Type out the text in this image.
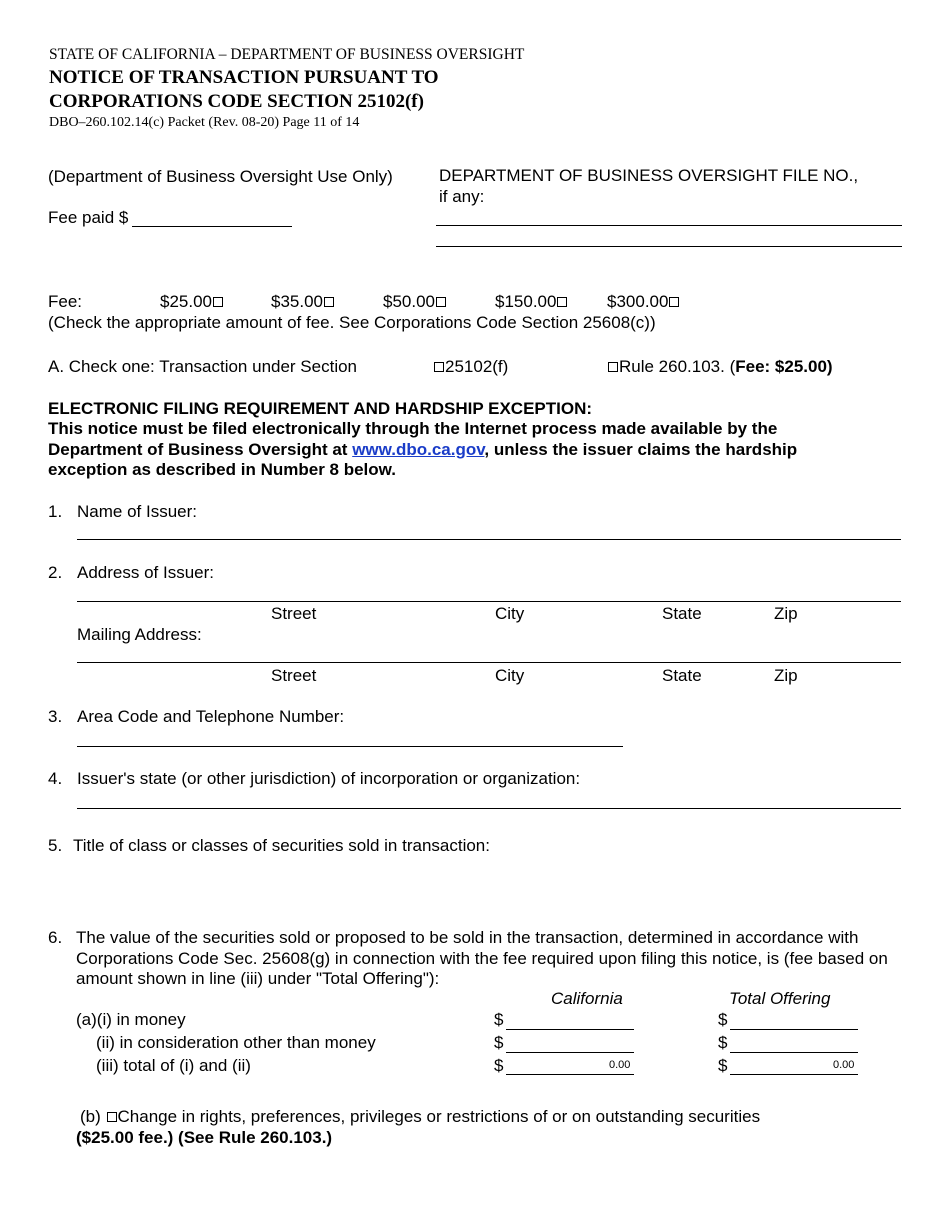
STATE OF CALIFORNIA – DEPARTMENT OF BUSINESS OVERSIGHT
NOTICE OF TRANSACTION PURSUANT TO
CORPORATIONS CODE SECTION 25102(f)
DBO–260.102.14(c) Packet (Rev. 08-20) Page 11 of 14
(Department of Business Oversight Use Only)
Fee paid $
DEPARTMENT OF BUSINESS OVERSIGHT FILE NO.,
if any:
Fee:	$25.00	$35.00	$50.00	$150.00	$300.00
(Check the appropriate amount of fee. See Corporations Code Section 25608(c))
A. Check one: Transaction under Section	25102(f)	Rule 260.103. (Fee: $25.00)
ELECTRONIC FILING REQUIREMENT AND HARDSHIP EXCEPTION:
This notice must be filed electronically through the Internet process made available by the Department of Business Oversight at www.dbo.ca.gov, unless the issuer claims the hardship exception as described in Number 8 below.
1. Name of Issuer:
2. Address of Issuer:
Street	City	State	Zip
Mailing Address:
Street	City	State	Zip
3. Area Code and Telephone Number:
4. Issuer's state (or other jurisdiction) of incorporation or organization:
5. Title of class or classes of securities sold in transaction:
6. The value of the securities sold or proposed to be sold in the transaction, determined in accordance with Corporations Code Sec. 25608(g) in connection with the fee required upon filing this notice, is (fee based on amount shown in line (iii) under "Total Offering"):
California	Total Offering
(a)(i) in money	$	$
(ii) in consideration other than money	$	$
(iii) total of (i) and (ii)	$	0.00	$	0.00
(b) Change in rights, preferences, privileges or restrictions of or on outstanding securities
($25.00 fee.) (See Rule 260.103.)
